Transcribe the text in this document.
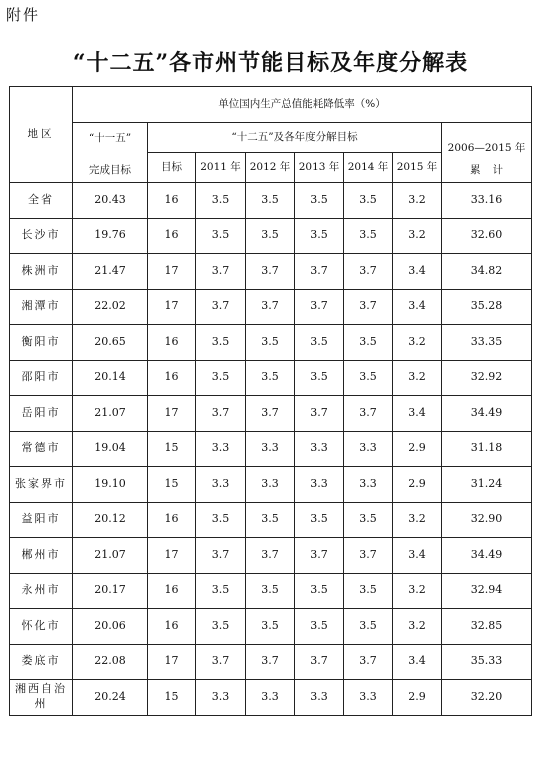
附件
“十二五”各市州节能目标及年度分解表
地区	单位国内生产总值能耗降低率（%）							

	“十一五”
完成目标	“十二五”及各年度分解目标						2006—2015 年
累计

		目标	2011 年	2012 年	2013 年	2014 年	2015 年	
全省	20.43	16	3.5	3.5	3.5	3.5	3.2	33.16
长沙市	19.76	16	3.5	3.5	3.5	3.5	3.2	32.60
株洲市	21.47	17	3.7	3.7	3.7	3.7	3.4	34.82
湘潭市	22.02	17	3.7	3.7	3.7	3.7	3.4	35.28
衡阳市	20.65	16	3.5	3.5	3.5	3.5	3.2	33.35
邵阳市	20.14	16	3.5	3.5	3.5	3.5	3.2	32.92
岳阳市	21.07	17	3.7	3.7	3.7	3.7	3.4	34.49
常德市	19.04	15	3.3	3.3	3.3	3.3	2.9	31.18
张家界市	19.10	15	3.3	3.3	3.3	3.3	2.9	31.24
益阳市	20.12	16	3.5	3.5	3.5	3.5	3.2	32.90
郴州市	21.07	17	3.7	3.7	3.7	3.7	3.4	34.49
永州市	20.17	16	3.5	3.5	3.5	3.5	3.2	32.94
怀化市	20.06	16	3.5	3.5	3.5	3.5	3.2	32.85
娄底市	22.08	17	3.7	3.7	3.7	3.7	3.4	35.33
湘西自治州	20.24	15	3.3	3.3	3.3	3.3	2.9	32.20
